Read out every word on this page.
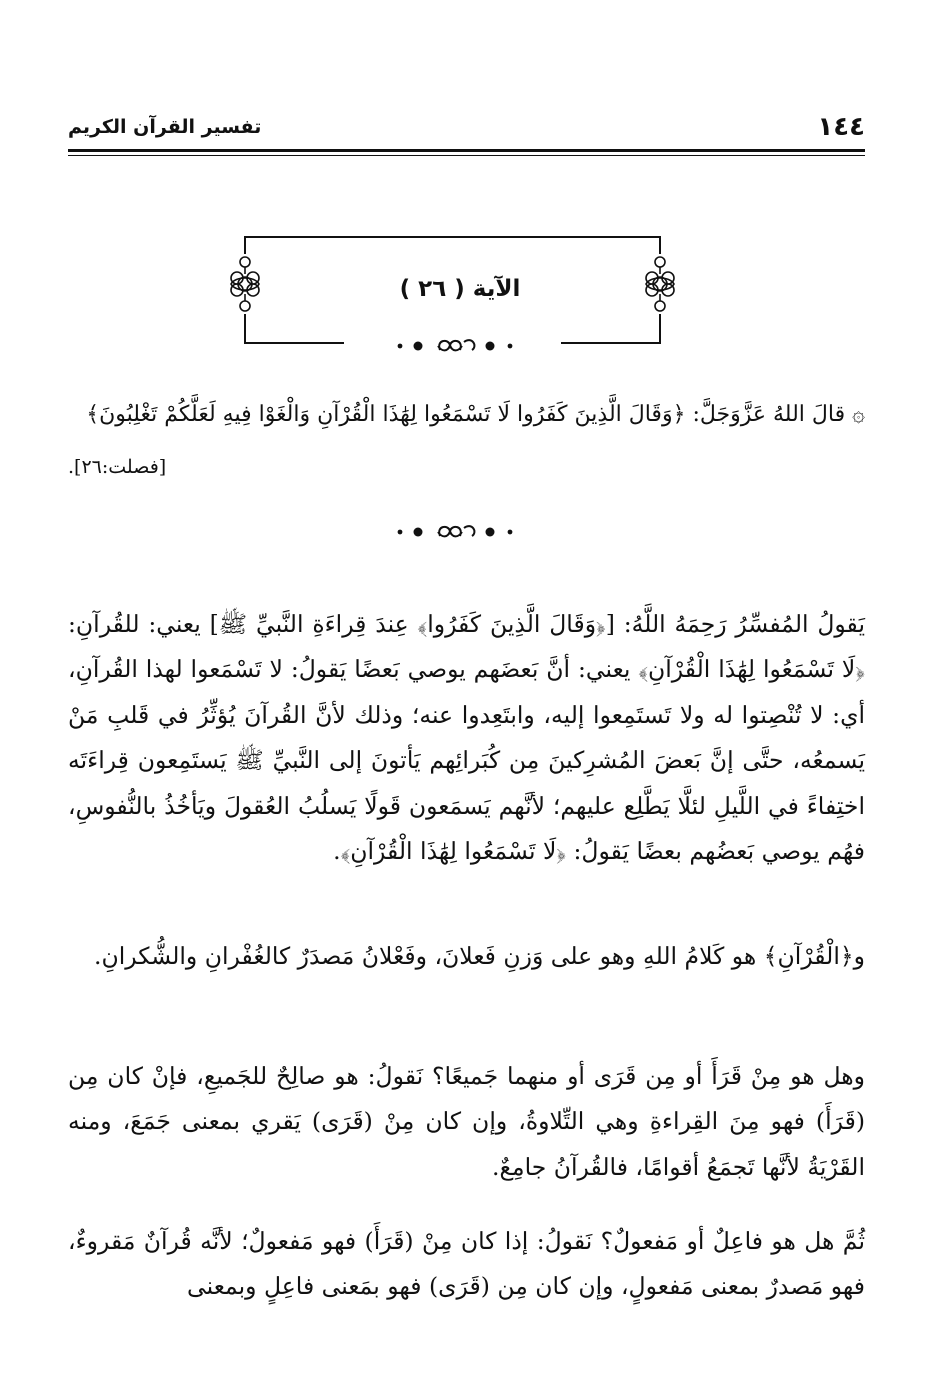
تفسير القرآن الكريم	١٤٤
الآية ( ٢٦ )
۞ قالَ اللهُ عَزَّوَجَلَّ: ﴿وَقَالَ الَّذِينَ كَفَرُوا لَا تَسْمَعُوا لِهَٰذَا الْقُرْآنِ وَالْغَوْا فِيهِ لَعَلَّكُمْ تَغْلِبُونَ﴾
[فصلت:٢٦].

يَقولُ المُفسِّرُ رَحِمَهُ اللَّهُ: [﴿وَقَالَ الَّذِينَ كَفَرُوا﴾ عِندَ قِراءَةِ النَّبيِّ ﷺ] يعني: للقُرآنِ: ﴿لَا تَسْمَعُوا لِهَٰذَا الْقُرْآنِ﴾ يعني: أنَّ بَعضَهم يوصي بَعضًا يَقولُ: لا تَسْمَعوا لهذا القُرآنِ، أي: لا تُنْصِتوا له ولا تَستَمِعوا إليه، وابتَعِدوا عنه؛ وذلك لأنَّ القُرآنَ يُؤثِّرُ في قَلبِ مَنْ يَسمعُه، حتَّى إنَّ بَعضَ المُشرِكينَ مِن كُبَرائِهم يَأتونَ إلى النَّبيِّ ﷺ يَستَمِعون قِراءَتَه اختِفاءً في اللَّيلِ لئلَّا يَطَّلِع عليهم؛ لأنَّهم يَسمَعون قَولًا يَسلُبُ العُقولَ ويَأخُذُ بالنُّفوسِ، فهُم يوصي بَعضُهم بعضًا يَقولُ: ﴿لَا تَسْمَعُوا لِهَٰذَا الْقُرْآنِ﴾.

و﴿الْقُرْآنِ﴾ هو كَلامُ اللهِ وهو على وَزنِ فَعلانَ، وفَعْلانُ مَصدَرٌ كالغُفْرانِ والشُّكرانِ.

وهل هو مِنْ قَرَأَ أو مِن قَرَى أو منهما جَميعًا؟ نَقولُ: هو صالِحٌ للجَميعِ، فإنْ كان مِن (قَرَأَ) فهو مِنَ القِراءةِ وهي التِّلاوةُ، وإن كان مِنْ (قَرَى) يَقري بمعنى جَمَعَ، ومنه القَرْيَةُ لأنَّها تَجمَعُ أقوامًا، فالقُرآنُ جامِعٌ.

ثُمَّ هل هو فاعِلٌ أو مَفعولٌ؟ نَقولُ: إذا كان مِنْ (قَرَأَ) فهو مَفعولٌ؛ لأنَّه قُرآنٌ مَقروءٌ، فهو مَصدرٌ بمعنى مَفعولٍ، وإن كان مِن (قَرَى) فهو بمَعنى فاعِلٍ وبمعنى
